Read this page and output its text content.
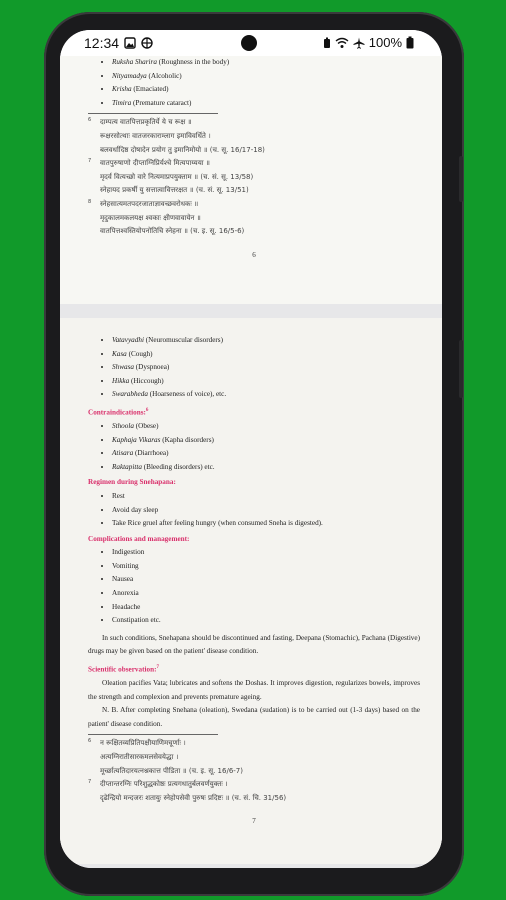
12:34	100%
• Ruksha Sharira (Roughness in the body)
• Nityamadya (Alcoholic)
• Krisha (Emaciated)
• Timira (Premature cataract)
6 दाम्पत्य वातपित्तप्रकृतिर्ये ये च रूक्ष ॥
रूक्षरसोत्थाः वातजरकाराम्लाग इमाविवर्धिते ।
बलवर्धादिष्ठ दोषादेन प्रयोग तु इमानिमोयो ॥ (च. सू. 16/17-18)
7 वातपुरुषाणो दीप्ताग्निप्रिर्यश्चे मित्यपाय्यया ॥
मृदर्व वित्यच्छो वारे नित्यमाप्रपयुक्ताम ॥ (च. सं. सू. 13/58)
स्नेहायद प्रकर्षी यु सत्तात्वावित्तरक्षत ॥ (च. सं. सू. 13/51)
8 स्नेहसात्यमतपदरजाताज्ञावच्छवरोधकः ॥
मृदुकालमकलयक्ष श्वकाः क्षीणवावायेन ॥
वातपित्तश्वस्तियोपनोतिचि स्नेहना ॥ (च. इ. सू. 16/5-6)
6
• Vatavyadhi (Neuromuscular disorders)
• Kasa (Cough)
• Shwasa (Dyspnoea)
• Hikka (Hiccough)
• Swarabheda (Hoarseness of voice), etc.
Contraindications:$^6$
• Sthoola (Obese)
• Kaphaja Vikaras (Kapha disorders)
• Atisara (Diarrhoea)
• Raktapitta (Bleeding disorders) etc.
Regimen during Snehapana:
• Rest
• Avoid day sleep
• Take Rice gruel after feeling hungry (when consumed Sneha is digested).
Complications and management:
• Indigestion
• Vomiting
• Nausea
• Anorexia
• Headache
• Constipation etc.
In such conditions, Snehapana should be discontinued and fasting, Deepana (Stomachic), Pachana (Digestive) drugs may be given based on the patient' disease condition.
Scientific observation:$^7$
Oleation pacifies Vata; lubricates and softens the Doshas. It improves digestion, regularizes bowels, improves the strength and complexion and prevents premature ageing.
N. B. After completing Snehana (oleation), Swedana (sudation) is to be carried out (1-3 days) based on the patient' disease condition.
6 न रूक्षितव्यप्रितिपक्षीयाणिमचूर्णाः ।
अत्यग्निरातीसारकमलसेवयेद्धा ।
मूर्च्छात्यतिदारयत्नश्नकात्त पीडिता ॥ (च. इ. सू. 16/6-7)
7 दीप्तान्तरग्निः परिशुद्धकोष्ठः प्रत्यगधातुर्बलवर्णयुक्तः ।
दृढेन्द्रियो मन्दजरः शतायुः स्नेहोपसेवी पुरुषः प्रदिष्टः ॥ (च. सं. चि. 31/56)
7
